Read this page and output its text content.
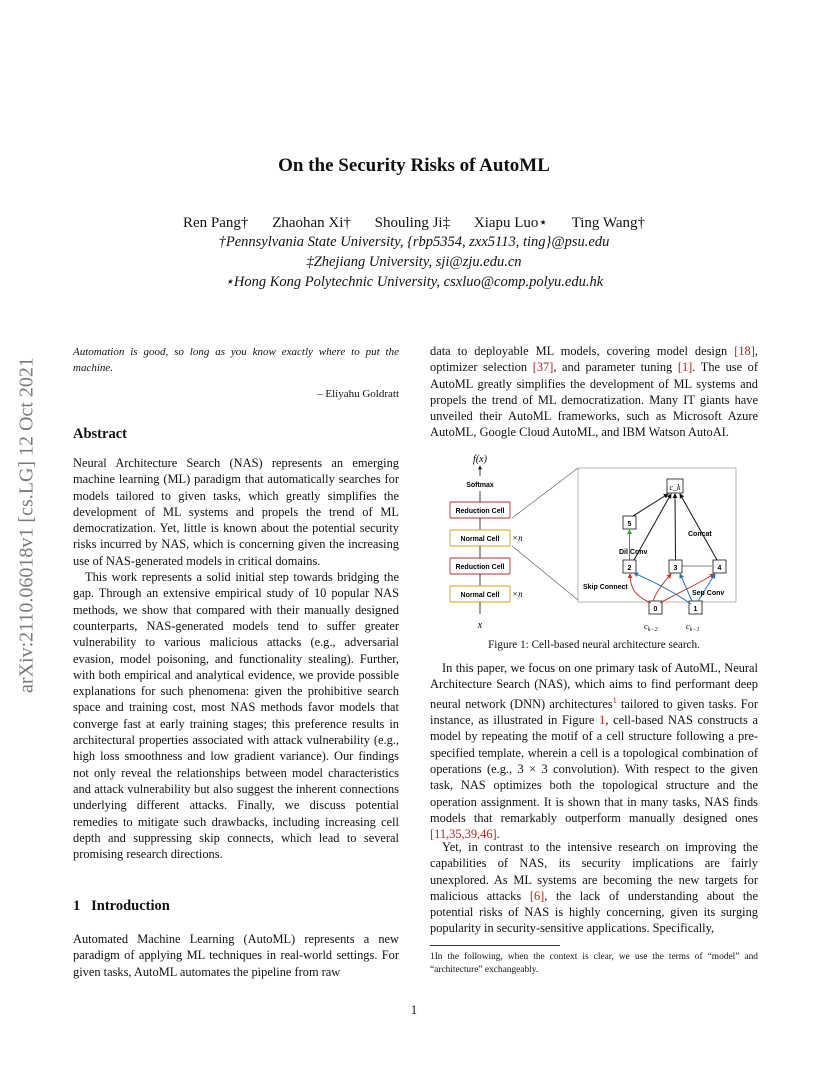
arXiv:2110.06018v1 [cs.LG] 12 Oct 2021
On the Security Risks of AutoML
Ren Pang† Zhaohan Xi† Shouling Ji‡ Xiapu Luo⋆ Ting Wang†
†Pennsylvania State University, {rbp5354, zxx5113, ting}@psu.edu
‡Zhejiang University, sji@zju.edu.cn
⋆Hong Kong Polytechnic University, csxluo@comp.polyu.edu.hk
Automation is good, so long as you know exactly where to put the machine.
– Eliyahu Goldratt
Abstract

Neural Architecture Search (NAS) represents an emerging machine learning (ML) paradigm that automatically searches for models tailored to given tasks, which greatly simplifies the development of ML systems and propels the trend of ML democratization. Yet, little is known about the potential security risks incurred by NAS, which is concerning given the increasing use of NAS-generated models in critical domains.

This work represents a solid initial step towards bridging the gap. Through an extensive empirical study of 10 popular NAS methods, we show that compared with their manually designed counterparts, NAS-generated models tend to suffer greater vulnerability to various malicious attacks (e.g., adversarial evasion, model poisoning, and functionality stealing). Further, with both empirical and analytical evidence, we provide possible explanations for such phenomena: given the prohibitive search space and training cost, most NAS methods favor models that converge fast at early training stages; this preference results in architectural properties associated with attack vulnerability (e.g., high loss smoothness and low gradient variance). Our findings not only reveal the relationships between model characteristics and attack vulnerability but also suggest the inherent connections underlying different attacks. Finally, we discuss potential remedies to mitigate such drawbacks, including increasing cell depth and suppressing skip connects, which lead to several promising research directions.

1 Introduction
Automated Machine Learning (AutoML) represents a new paradigm of applying ML techniques in real-world settings. For given tasks, AutoML automates the pipeline from raw
data to deployable ML models, covering model design [18], optimizer selection [37], and parameter tuning [1]. The use of AutoML greatly simplifies the development of ML systems and propels the trend of ML democratization. Many IT giants have unveiled their AutoML frameworks, such as Microsoft Azure AutoML, Google Cloud AutoML, and IBM Watson AutoAI.
f(x)
Softmax
Reduction Cell
Normal Cell ×n
Reduction Cell
Normal Cell ×n
x
c_k
5
2	3	4
0	1
Concat
Dil Conv
Skip Connect
Sep Conv
$c_{k-2}$	$c_{k-1}$
Figure 1: Cell-based neural architecture search.
In this paper, we focus on one primary task of AutoML, Neural Architecture Search (NAS), which aims to find performant deep neural network (DNN) architectures$^1$ tailored to given tasks. For instance, as illustrated in Figure 1, cell-based NAS constructs a model by repeating the motif of a cell structure following a pre-specified template, wherein a cell is a topological combination of operations (e.g., 3 × 3 convolution). With respect to the given task, NAS optimizes both the topological structure and the operation assignment. It is shown that in many tasks, NAS finds models that remarkably outperform manually designed ones [11,35,39,46].
Yet, in contrast to the intensive research on improving the capabilities of NAS, its security implications are fairly unexplored. As ML systems are becoming the new targets for malicious attacks [6], the lack of understanding about the potential risks of NAS is highly concerning, given its surging popularity in security-sensitive applications. Specifically,
1In the following, when the context is clear, we use the terms of “model” and “architecture” exchangeably.
1
